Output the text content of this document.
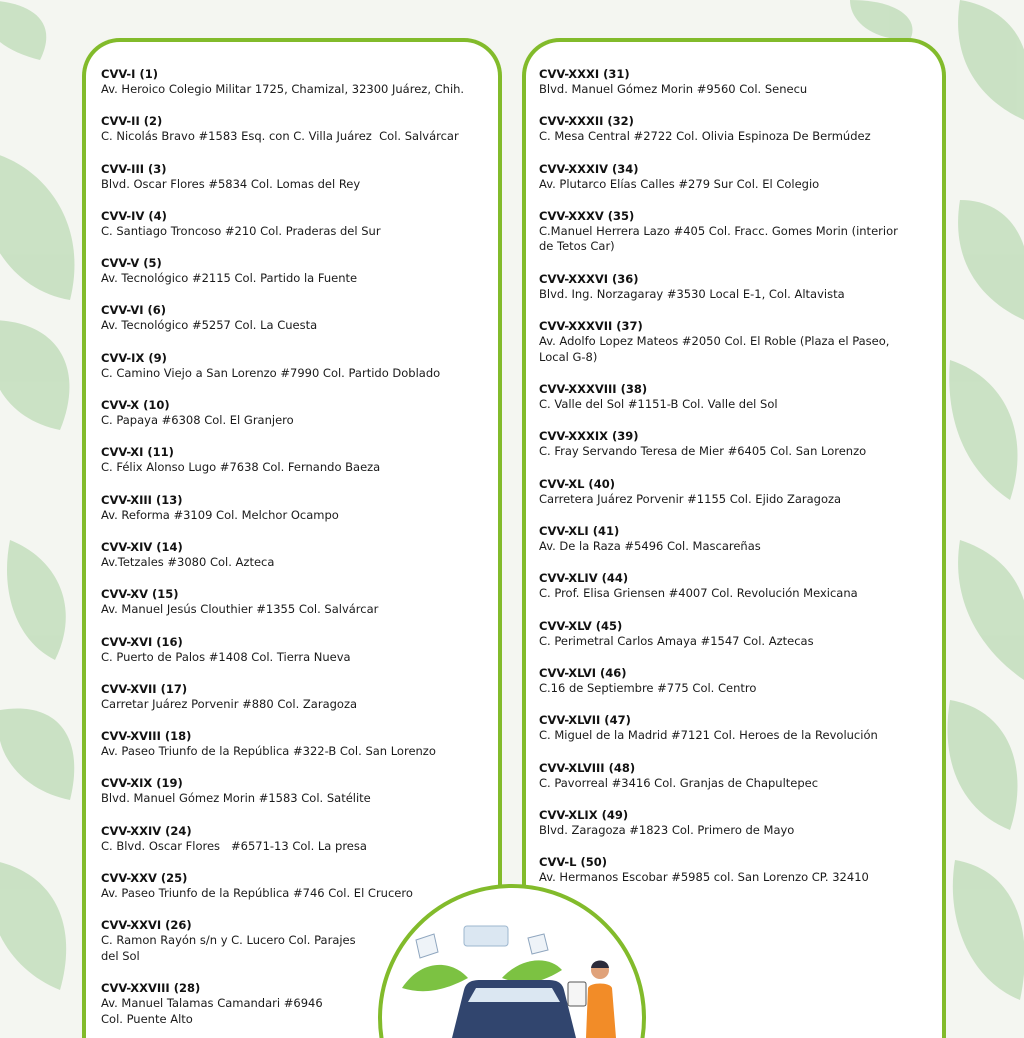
CVV-I (1)
Av. Heroico Colegio Militar 1725, Chamizal, 32300 Juárez, Chih.
CVV-II (2)
C. Nicolás Bravo #1583 Esq. con C. Villa Juárez  Col. Salvárcar
CVV-III (3)
Blvd. Oscar Flores #5834 Col. Lomas del Rey
CVV-IV (4)
C. Santiago Troncoso #210 Col. Praderas del Sur
CVV-V (5)
Av. Tecnológico #2115 Col. Partido la Fuente
CVV-VI (6)
Av. Tecnológico #5257 Col. La Cuesta
CVV-IX (9)
C. Camino Viejo a San Lorenzo #7990 Col. Partido Doblado
CVV-X (10)
C. Papaya #6308 Col. El Granjero
CVV-XI (11)
C. Félix Alonso Lugo #7638 Col. Fernando Baeza
CVV-XIII (13)
Av. Reforma #3109 Col. Melchor Ocampo
CVV-XIV (14)
Av.Tetzales #3080 Col. Azteca
CVV-XV (15)
Av. Manuel Jesús Clouthier #1355 Col. Salvárcar
CVV-XVI (16)
C. Puerto de Palos #1408 Col. Tierra Nueva
CVV-XVII (17)
Carretar Juárez Porvenir #880 Col. Zaragoza
CVV-XVIII (18)
Av. Paseo Triunfo de la República #322-B Col. San Lorenzo
CVV-XIX (19)
Blvd. Manuel Gómez Morin #1583 Col. Satélite
CVV-XXIV (24)
C. Blvd. Oscar Flores   #6571-13 Col. La presa
CVV-XXV (25)
Av. Paseo Triunfo de la República #746 Col. El Crucero
CVV-XXVI (26)
C. Ramon Rayón s/n y C. Lucero Col. Parajes
del Sol
CVV-XXVIII (28)
Av. Manuel Talamas Camandari #6946
Col. Puente Alto
CVV-XXXI (31)
Blvd. Manuel Gómez Morin #9560 Col. Senecu
CVV-XXXII (32)
C. Mesa Central #2722 Col. Olivia Espinoza De Bermúdez
CVV-XXXIV (34)
Av. Plutarco Elías Calles #279 Sur Col. El Colegio
CVV-XXXV (35)
C.Manuel Herrera Lazo #405 Col. Fracc. Gomes Morin (interior
de Tetos Car)
CVV-XXXVI (36)
Blvd. Ing. Norzagaray #3530 Local E-1, Col. Altavista
CVV-XXXVII (37)
Av. Adolfo Lopez Mateos #2050 Col. El Roble (Plaza el Paseo,
Local G-8)
CVV-XXXVIII (38)
C. Valle del Sol #1151-B Col. Valle del Sol
CVV-XXXIX (39)
C. Fray Servando Teresa de Mier #6405 Col. San Lorenzo
CVV-XL (40)
Carretera Juárez Porvenir #1155 Col. Ejido Zaragoza
CVV-XLI (41)
Av. De la Raza #5496 Col. Mascareñas
CVV-XLIV (44)
C. Prof. Elisa Griensen #4007 Col. Revolución Mexicana
CVV-XLV (45)
C. Perimetral Carlos Amaya #1547 Col. Aztecas
CVV-XLVI (46)
C.16 de Septiembre #775 Col. Centro
CVV-XLVII (47)
C. Miguel de la Madrid #7121 Col. Heroes de la Revolución
CVV-XLVIII (48)
C. Pavorreal #3416 Col. Granjas de Chapultepec
CVV-XLIX (49)
Blvd. Zaragoza #1823 Col. Primero de Mayo
CVV-L (50)
Av. Hermanos Escobar #5985 col. San Lorenzo CP. 32410
